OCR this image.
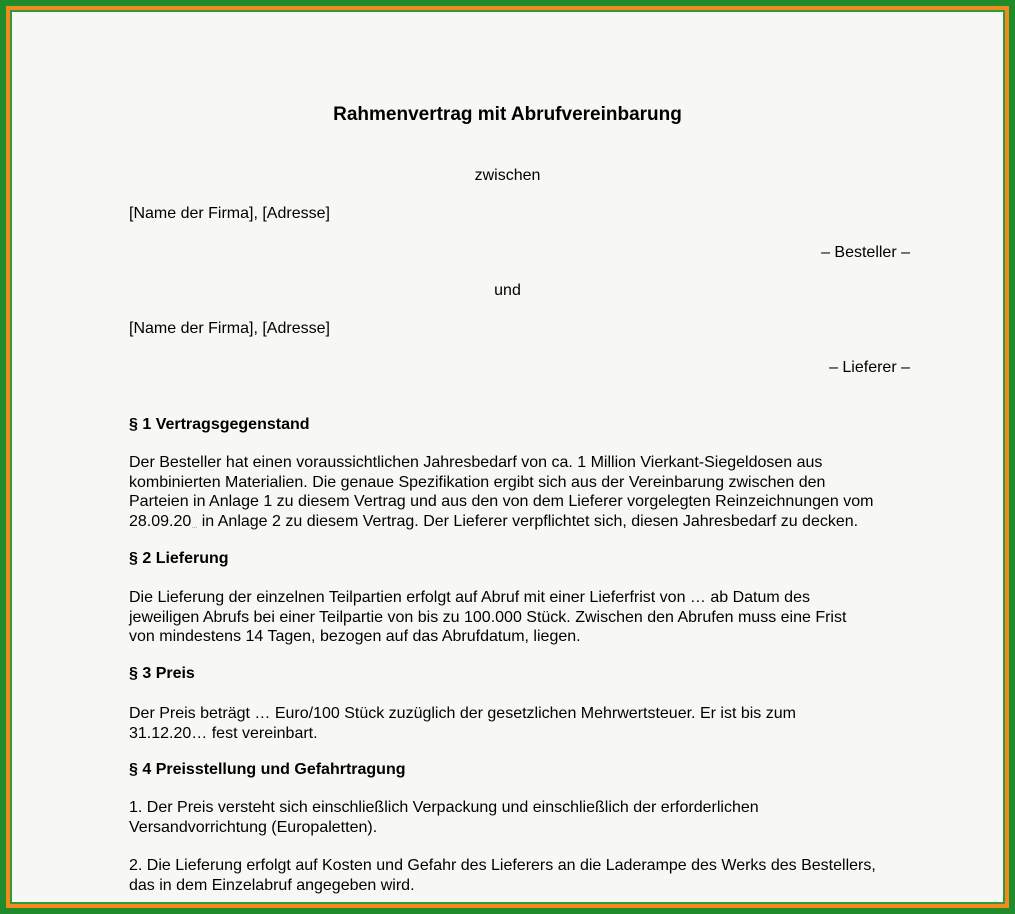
Rahmenvertrag mit Abrufvereinbarung
zwischen
[Name der Firma], [Adresse]
– Besteller –
und
[Name der Firma], [Adresse]
– Lieferer –
§ 1 Vertragsgegenstand
Der Besteller hat einen voraussichtlichen Jahresbedarf von ca. 1 Million Vierkant-Siegeldosen aus
kombinierten Materialien. Die genaue Spezifikation ergibt sich aus der Vereinbarung zwischen den
Parteien in Anlage 1 zu diesem Vertrag und aus den von dem Lieferer vorgelegten Reinzeichnungen vom
28.09.20… in Anlage 2 zu diesem Vertrag. Der Lieferer verpflichtet sich, diesen Jahresbedarf zu decken.
§ 2 Lieferung
Die Lieferung der einzelnen Teilpartien erfolgt auf Abruf mit einer Lieferfrist von … ab Datum des
jeweiligen Abrufs bei einer Teilpartie von bis zu 100.000 Stück. Zwischen den Abrufen muss eine Frist
von mindestens 14 Tagen, bezogen auf das Abrufdatum, liegen.
§ 3 Preis
Der Preis beträgt … Euro/100 Stück zuzüglich der gesetzlichen Mehrwertsteuer. Er ist bis zum
31.12.20… fest vereinbart.
§ 4 Preisstellung und Gefahrtragung
1. Der Preis versteht sich einschließlich Verpackung und einschließlich der erforderlichen
Versandvorrichtung (Europaletten).
2. Die Lieferung erfolgt auf Kosten und Gefahr des Lieferers an die Laderampe des Werks des Bestellers,
das in dem Einzelabruf angegeben wird.
